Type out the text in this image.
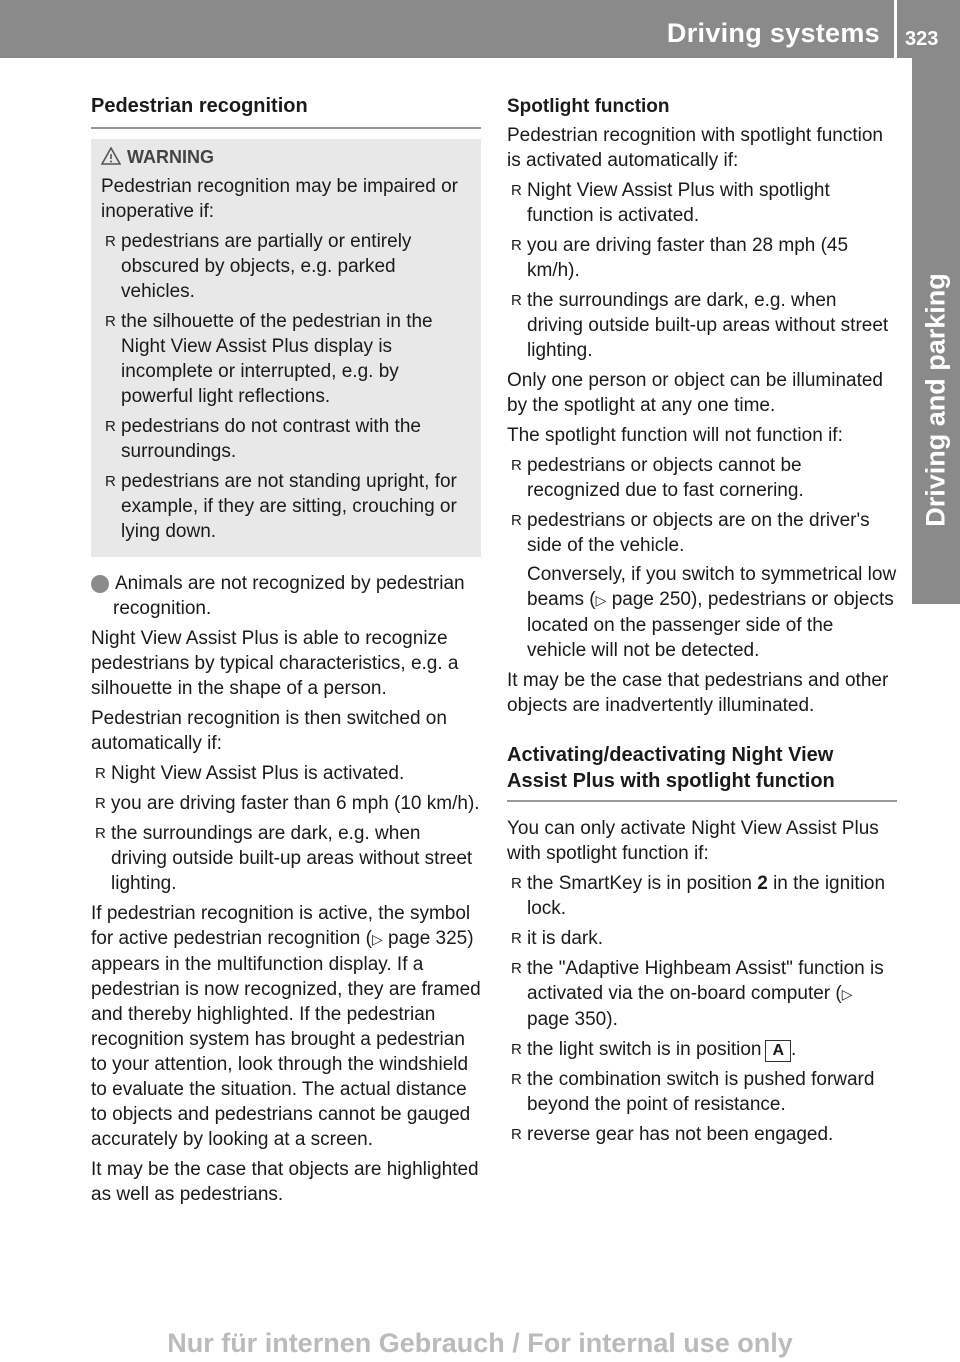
Driving systems 323
Driving and parking
Pedestrian recognition
WARNING

Pedestrian recognition may be impaired or inoperative if:

R pedestrians are partially or entirely obscured by objects, e.g. parked vehicles.
R the silhouette of the pedestrian in the Night View Assist Plus display is incomplete or interrupted, e.g. by powerful light reflections.
R pedestrians do not contrast with the surroundings.
R pedestrians are not standing upright, for example, if they are sitting, crouching or lying down.

i Animals are not recognized by pedestrian recognition.

Night View Assist Plus is able to recognize pedestrians by typical characteristics, e.g. a silhouette in the shape of a person.

Pedestrian recognition is then switched on automatically if:

R Night View Assist Plus is activated.
R you are driving faster than 6 mph (10 km/h).
R the surroundings are dark, e.g. when driving outside built-up areas without street lighting.

If pedestrian recognition is active, the symbol for active pedestrian recognition (▷ page 325) appears in the multifunction display. If a pedestrian is now recognized, they are framed and thereby highlighted. If the pedestrian recognition system has brought a pedestrian to your attention, look through the windshield to evaluate the situation. The actual distance to objects and pedestrians cannot be gauged accurately by looking at a screen.

It may be the case that objects are highlighted as well as pedestrians.

Spotlight function

Pedestrian recognition with spotlight function is activated automatically if:

R Night View Assist Plus with spotlight function is activated.
R you are driving faster than 28 mph (45 km/h).
R the surroundings are dark, e.g. when driving outside built-up areas without street lighting.

Only one person or object can be illuminated by the spotlight at any one time.

The spotlight function will not function if:

R pedestrians or objects cannot be recognized due to fast cornering.
R pedestrians or objects are on the driver's side of the vehicle.
Conversely, if you switch to symmetrical low beams (▷ page 250), pedestrians or objects located on the passenger side of the vehicle will not be detected.

It may be the case that pedestrians and other objects are inadvertently illuminated.

Activating/deactivating Night View Assist Plus with spotlight function

You can only activate Night View Assist Plus with spotlight function if:

R the SmartKey is in position 2 in the ignition lock.
R it is dark.
R the "Adaptive Highbeam Assist" function is activated via the on-board computer (▷ page 350).
R the light switch is in position A .
R the combination switch is pushed forward beyond the point of resistance.
R reverse gear has not been engaged.
Nur für internen Gebrauch / For internal use only
